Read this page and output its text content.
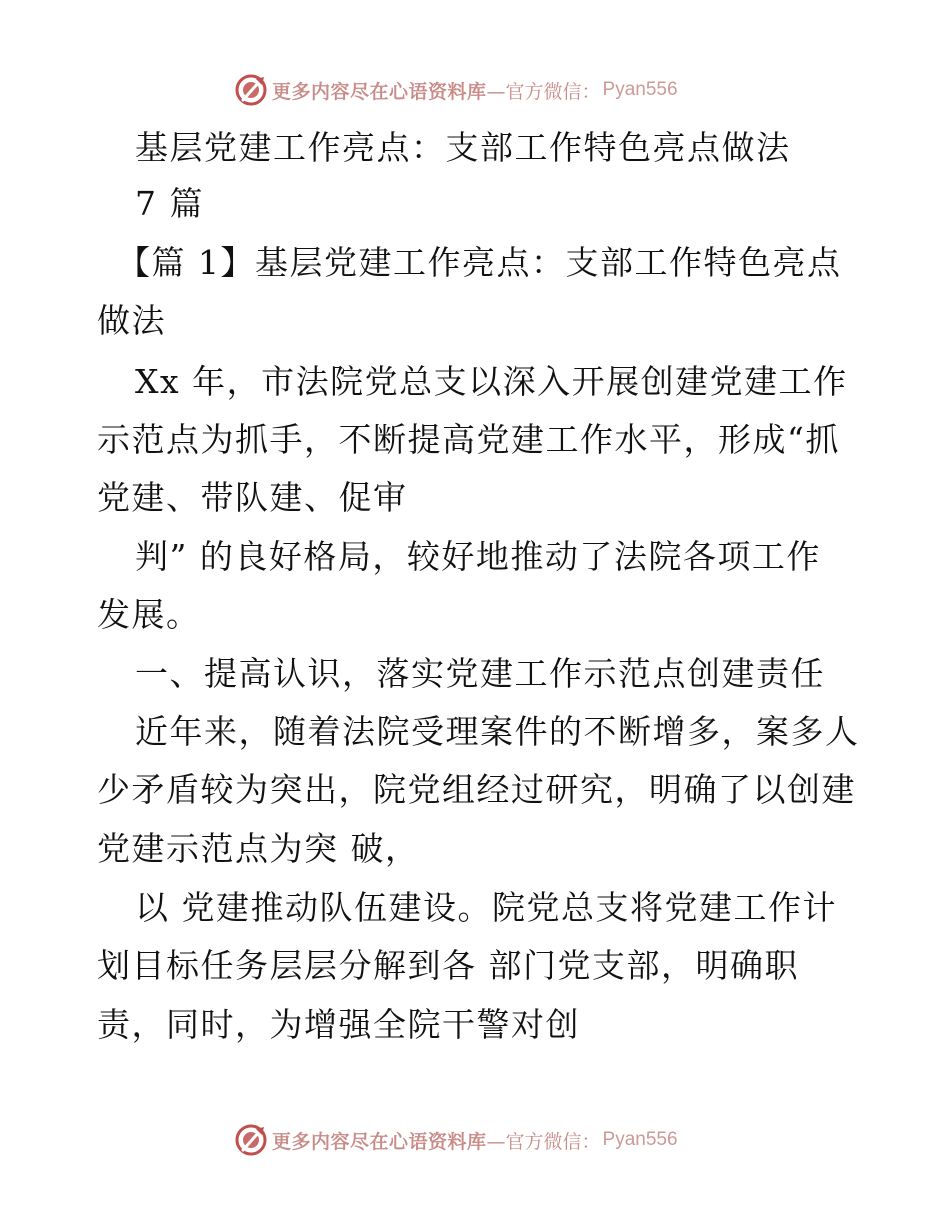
更多内容尽在心语资料库 —官方微信： Pyan556
基层党建工作亮点：支部工作特色亮点做法
7 篇
【篇 1】基层党建工作亮点：支部工作特色亮点
做法
Xx 年，市法院党总支以深入开展创建党建工作
示范点为抓手，不断提高党建工作水平，形成“抓
党建、带队建、促审
判” 的良好格局，较好地推动了法院各项工作
发展。
一、提高认识，落实党建工作示范点创建责任
近年来，随着法院受理案件的不断增多，案多人
少矛盾较为突出，院党组经过研究，明确了以创建
党建示范点为突 破，
以 党建推动队伍建设。院党总支将党建工作计
划目标任务层层分解到各 部门党支部，明确职
责，同时，为增强全院干警对创
更多内容尽在心语资料库 —官方微信： Pyan556
